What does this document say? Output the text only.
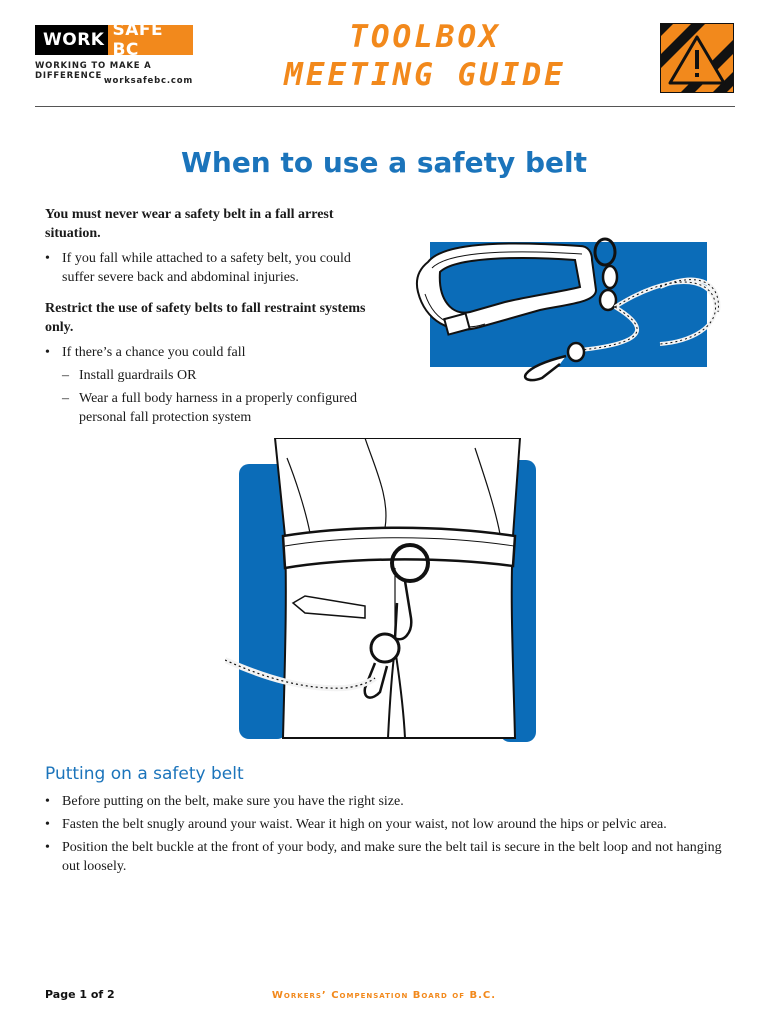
WORK SAFE BC
WORKING TO MAKE A DIFFERENCE worksafebc.com
TOOLBOX
MEETING GUIDE
When to use a safety belt

You must never wear a safety belt in a fall arrest situation.

• If you fall while attached to a safety belt, you could suffer severe back and abdominal injuries.

Restrict the use of safety belts to fall restraint systems only.

• If there’s a chance you could fall
– Install guardrails OR
– Wear a full body harness in a properly configured personal fall protection system
Putting on a safety belt
• Before putting on the belt, make sure you have the right size.
• Fasten the belt snugly around your waist. Wear it high on your waist, not low around the hips or pelvic area.
• Position the belt buckle at the front of your body, and make sure the belt tail is secure in the belt loop and not hanging out loosely.
Page 1 of 2	Workers’ Compensation Board of B.C.
